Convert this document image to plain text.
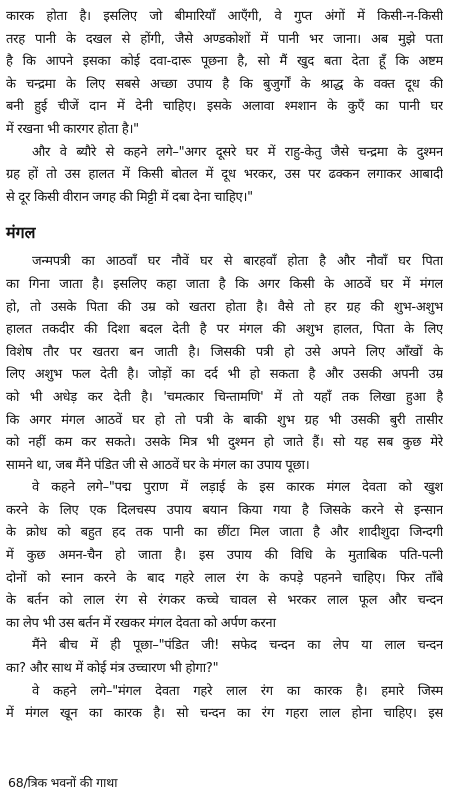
कारक होता है। इसलिए जो बीमारियाँ आएँगी, वे गुप्त अंगों में किसी-न-किसी
तरह पानी के दखल से होंगी, जैसे अण्डकोशों में पानी भर जाना। अब मुझे पता
है कि आपने इसका कोई दवा-दारू पूछना है, सो मैं खुद बता देता हूँ कि अष्टम
के चन्द्रमा के लिए सबसे अच्छा उपाय है कि बुजुर्गों के श्राद्ध के वक्त दूध की
बनी हुई चीजें दान में देनी चाहिए। इसके अलावा श्मशान के कुएँ का पानी घर
में रखना भी कारगर होता है।"
और वे ब्यौरे से कहने लगे–"अगर दूसरे घर में राहु-केतु जैसे चन्द्रमा के दुश्मन
ग्रह हों तो उस हालत में किसी बोतल में दूध भरकर, उस पर ढक्कन लगाकर आबादी
से दूर किसी वीरान जगह की मिट्टी में दबा देना चाहिए।"
मंगल
जन्मपत्री का आठवाँ घर नौवें घर से बारहवाँ होता है और नौवाँ घर पिता
का गिना जाता है। इसलिए कहा जाता है कि अगर किसी के आठवें घर में मंगल
हो, तो उसके पिता की उम्र को खतरा होता है। वैसे तो हर ग्रह की शुभ-अशुभ
हालत तकदीर की दिशा बदल देती है पर मंगल की अशुभ हालत, पिता के लिए
विशेष तौर पर खतरा बन जाती है। जिसकी पत्री हो उसे अपने लिए आँखों के
लिए अशुभ फल देती है। जोड़ों का दर्द भी हो सकता है और उसकी अपनी उम्र
को भी अधेड़ कर देती है। 'चमत्कार चिन्तामणि' में तो यहाँ तक लिखा हुआ है
कि अगर मंगल आठवें घर हो तो पत्री के बाकी शुभ ग्रह भी उसकी बुरी तासीर
को नहीं कम कर सकते। उसके मित्र भी दुश्मन हो जाते हैं। सो यह सब कुछ मेरे
सामने था, जब मैंने पंडित जी से आठवें घर के मंगल का उपाय पूछा।
वे कहने लगे–"पद्म पुराण में लड़ाई के इस कारक मंगल देवता को खुश
करने के लिए एक दिलचस्प उपाय बयान किया गया है जिसके करने से इन्सान
के क्रोध को बहुत हद तक पानी का छींटा मिल जाता है और शादीशुदा जिन्दगी
में कुछ अमन-चैन हो जाता है। इस उपाय की विधि के मुताबिक पति-पत्नी
दोनों को स्नान करने के बाद गहरे लाल रंग के कपड़े पहनने चाहिए। फिर ताँबे
के बर्तन को लाल रंग से रंगकर कच्चे चावल से भरकर लाल फूल और चन्दन
का लेप भी उस बर्तन में रखकर मंगल देवता को अर्पण करना
मैंने बीच में ही पूछा–"पंडित जी! सफेद चन्दन का लेप या लाल चन्दन
का? और साथ में कोई मंत्र उच्चारण भी होगा?"
वे कहने लगे–"मंगल देवता गहरे लाल रंग का कारक है। हमारे जिस्म
में मंगल खून का कारक है। सो चन्दन का रंग गहरा लाल होना चाहिए। इस
68/त्रिक भवनों की गाथा
